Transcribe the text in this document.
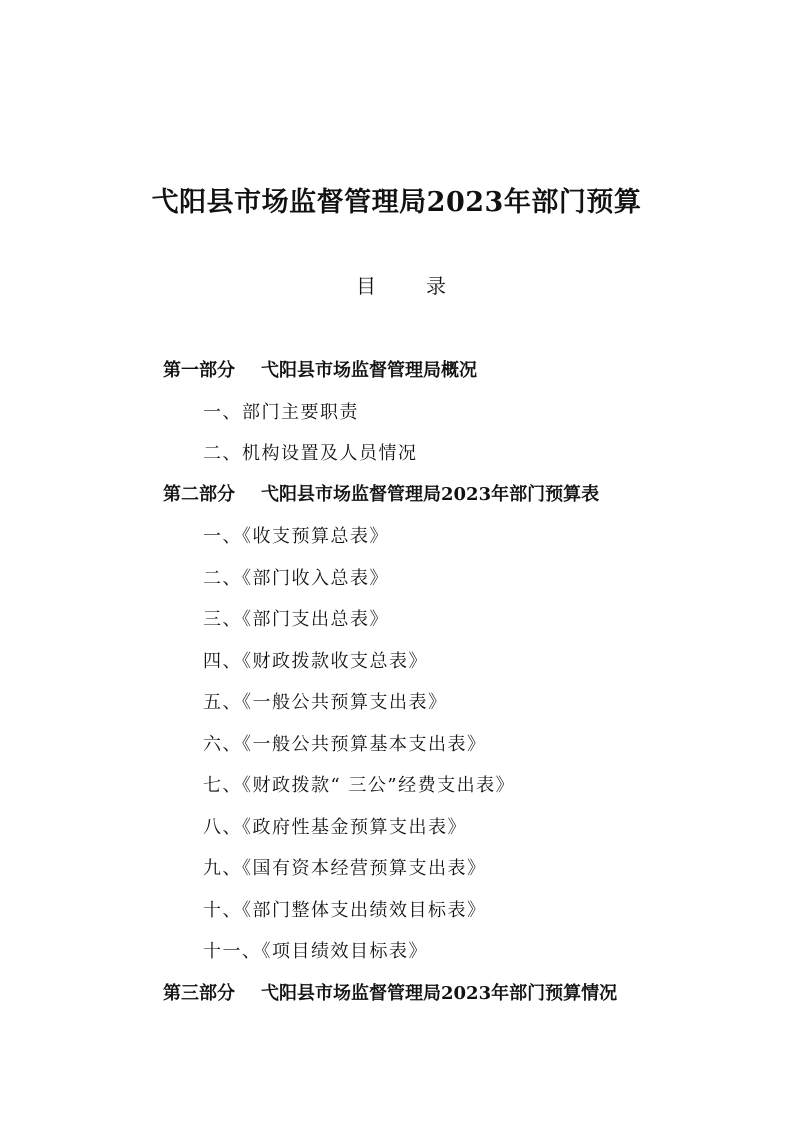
弋阳县市场监督管理局2023年部门预算
目	录
第一部分 弋阳县市场监督管理局概况
一、部门主要职责
二、机构设置及人员情况
第二部分 弋阳县市场监督管理局2023年部门预算表
一、《收支预算总表》
二、《部门收入总表》
三、《部门支出总表》
四、《财政拨款收支总表》
五、《一般公共预算支出表》
六、《一般公共预算基本支出表》
七、《财政拨款“ 三公”经费支出表》
八、《政府性基金预算支出表》
九、《国有资本经营预算支出表》
十、《部门整体支出绩效目标表》
十一、《项目绩效目标表》
第三部分 弋阳县市场监督管理局2023年部门预算情况
